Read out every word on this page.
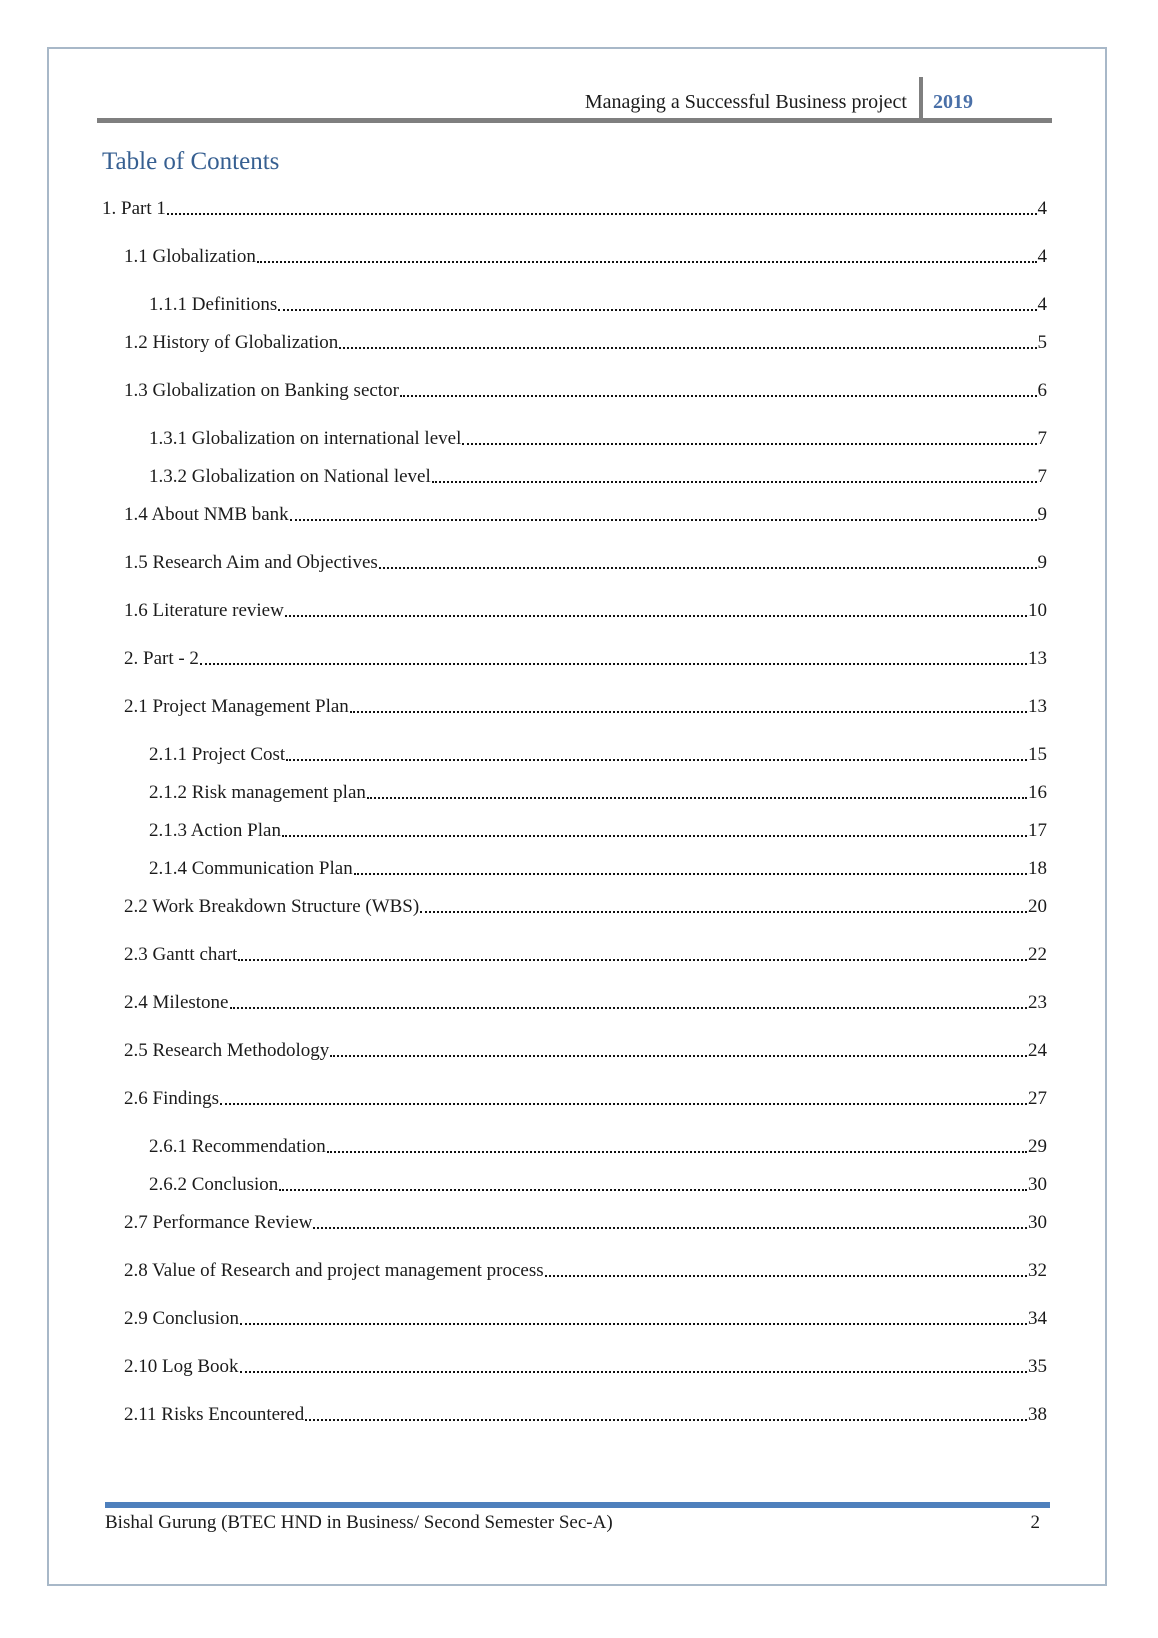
Managing a Successful Business project 2019
Table of Contents
1. Part 1	4
1.1 Globalization	4
1.1.1 Definitions	4
1.2 History of Globalization	5
1.3 Globalization on Banking sector	6
1.3.1 Globalization on international level	7
1.3.2 Globalization on National level	7
1.4 About NMB bank	9
1.5 Research Aim and Objectives	9
1.6 Literature review	10
2. Part - 2	13
2.1 Project Management Plan	13
2.1.1 Project Cost	15
2.1.2 Risk management plan	16
2.1.3 Action Plan	17
2.1.4 Communication Plan	18
2.2 Work Breakdown Structure (WBS)	20
2.3 Gantt chart	22
2.4 Milestone	23
2.5 Research Methodology	24
2.6 Findings	27
2.6.1 Recommendation	29
2.6.2 Conclusion	30
2.7 Performance Review	30
2.8 Value of Research and project management process	32
2.9 Conclusion	34
2.10 Log Book	35
2.11 Risks Encountered	38
Bishal Gurung (BTEC HND in Business/ Second Semester Sec-A)	2
